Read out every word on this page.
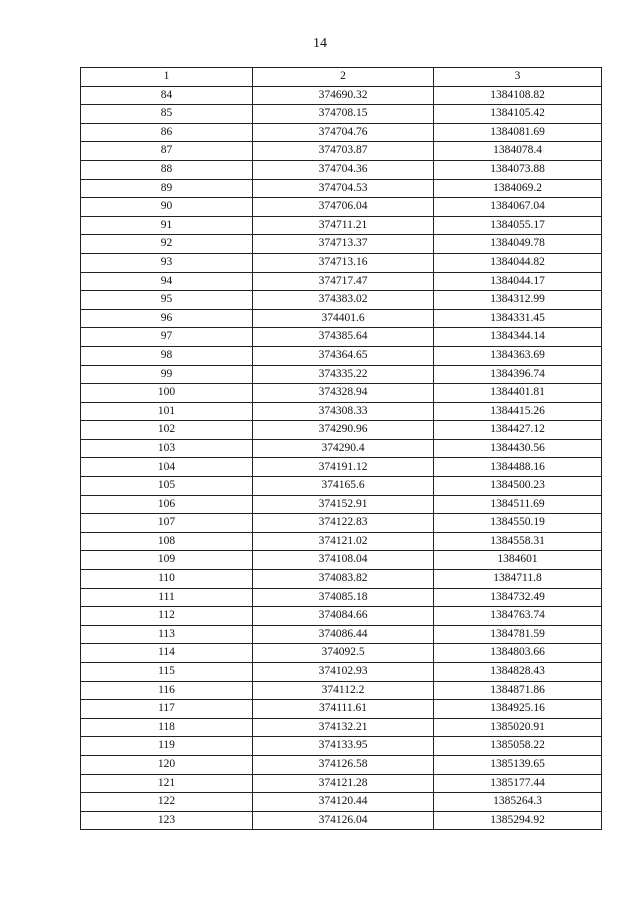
14
1	2	3
84	374690.32	1384108.82
85	374708.15	1384105.42
86	374704.76	1384081.69
87	374703.87	1384078.4
88	374704.36	1384073.88
89	374704.53	1384069.2
90	374706.04	1384067.04
91	374711.21	1384055.17
92	374713.37	1384049.78
93	374713.16	1384044.82
94	374717.47	1384044.17
95	374383.02	1384312.99
96	374401.6	1384331.45
97	374385.64	1384344.14
98	374364.65	1384363.69
99	374335.22	1384396.74
100	374328.94	1384401.81
101	374308.33	1384415.26
102	374290.96	1384427.12
103	374290.4	1384430.56
104	374191.12	1384488.16
105	374165.6	1384500.23
106	374152.91	1384511.69
107	374122.83	1384550.19
108	374121.02	1384558.31
109	374108.04	1384601
110	374083.82	1384711.8
111	374085.18	1384732.49
112	374084.66	1384763.74
113	374086.44	1384781.59
114	374092.5	1384803.66
115	374102.93	1384828.43
116	374112.2	1384871.86
117	374111.61	1384925.16
118	374132.21	1385020.91
119	374133.95	1385058.22
120	374126.58	1385139.65
121	374121.28	1385177.44
122	374120.44	1385264.3
123	374126.04	1385294.92
